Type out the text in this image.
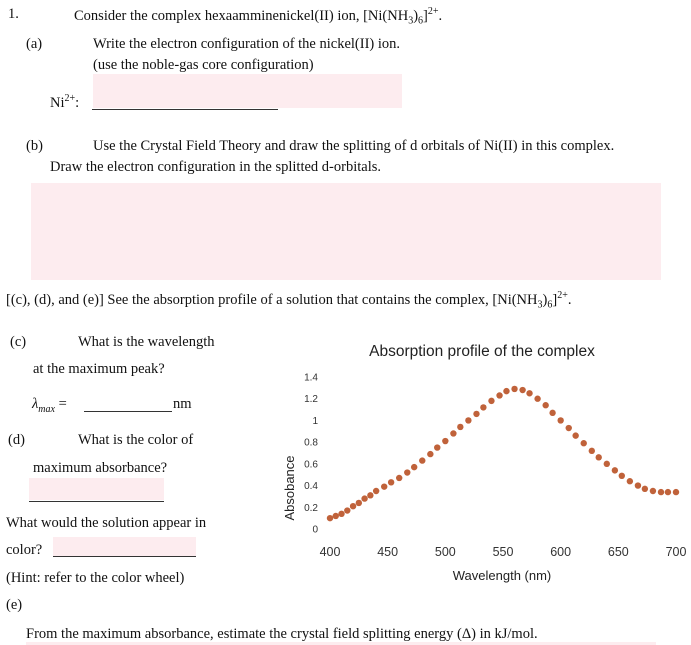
1.	Consider the complex hexaamminenickel(II) ion, $[Ni(NH_3)_6]^{2+}$.
(a)	Write the electron configuration of the nickel(II) ion.
(use the noble-gas core configuration)
$Ni^{2+}$:
(b)	Use the Crystal Field Theory and draw the splitting of d orbitals of Ni(II) in this complex.
Draw the electron configuration in the splitted d-orbitals.
[(c), (d), and (e)] See the absorption profile of a solution that contains the complex, $[Ni(NH_3)_6]^{2+}$.
(c)	What is the wavelength
at the maximum peak?
$\lambda_{max}$ =	nm
(d)	What is the color of
maximum absorbance?
What would the solution appear in
color?
(Hint: refer to the color wheel)
(e)
From the maximum absorbance, estimate the crystal field splitting energy (Δ) in kJ/mol.
Absorption profile of the complex
Wavelength (nm)
Absobance
0
0.2
0.4
0.6
0.8
1
1.2
1.4
400	450	500	550	600	650	700
